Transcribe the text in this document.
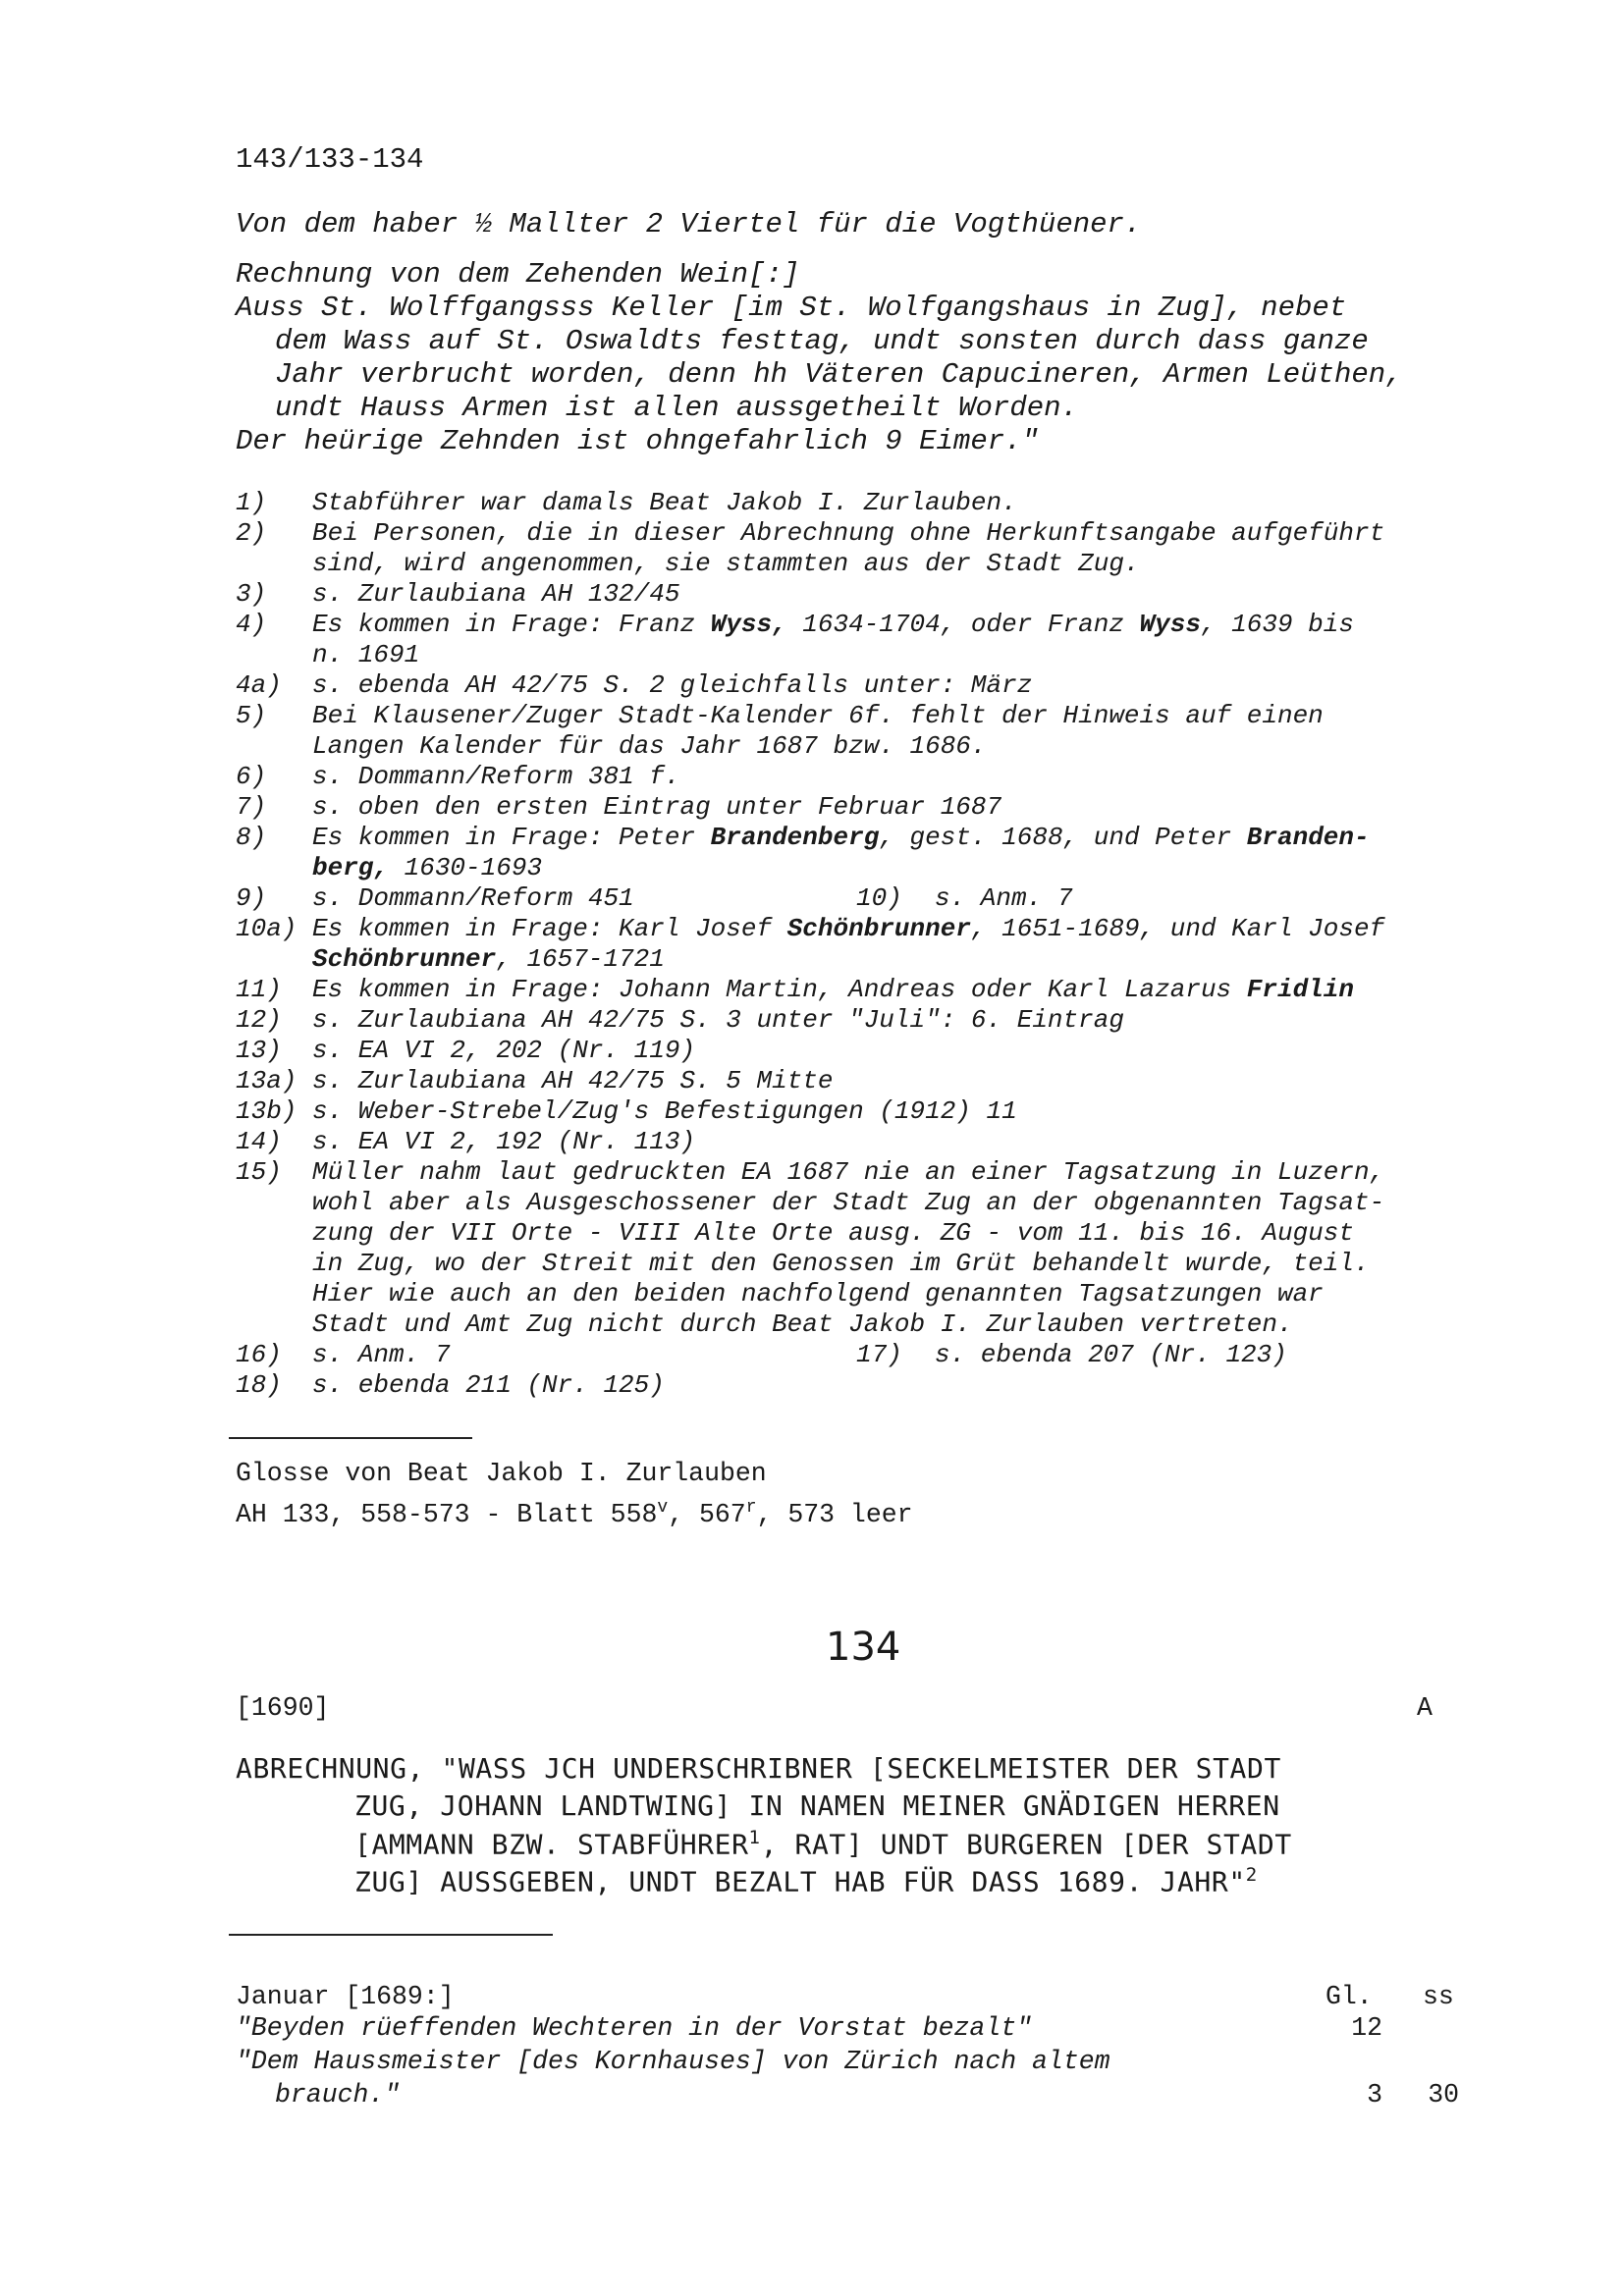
143/133-134
Von dem haber ½ Mallter 2 Viertel für die Vogthüener.
Rechnung von dem Zehenden Wein[:]
Auss St. Wolffgangsss Keller [im St. Wolfgangshaus in Zug], nebet
dem Wass auf St. Oswaldts festtag, undt sonsten durch dass ganze
Jahr verbrucht worden, denn hh Väteren Capucineren, Armen Leüthen,
undt Hauss Armen ist allen aussgetheilt Worden.
Der heürige Zehnden ist ohngefahrlich 9 Eimer."
1) Stabführer war damals Beat Jakob I. Zurlauben.
2) Bei Personen, die in dieser Abrechnung ohne Herkunftsangabe aufgeführt
sind, wird angenommen, sie stammten aus der Stadt Zug.
3) s. Zurlaubiana AH 132/45
4) Es kommen in Frage: Franz Wyss, 1634-1704, oder Franz Wyss, 1639 bis
n. 1691
4a) s. ebenda AH 42/75 S. 2 gleichfalls unter: März
5) Bei Klausener/Zuger Stadt-Kalender 6f. fehlt der Hinweis auf einen
Langen Kalender für das Jahr 1687 bzw. 1686.
6) s. Dommann/Reform 381 f.
7) s. oben den ersten Eintrag unter Februar 1687
8) Es kommen in Frage: Peter Brandenberg, gest. 1688, und Peter Branden-
berg, 1630-1693
9) s. Dommann/Reform 451	10) s. Anm. 7
10a) Es kommen in Frage: Karl Josef Schönbrunner, 1651-1689, und Karl Josef
Schönbrunner, 1657-1721
11) Es kommen in Frage: Johann Martin, Andreas oder Karl Lazarus Fridlin
12) s. Zurlaubiana AH 42/75 S. 3 unter "Juli": 6. Eintrag
13) s. EA VI 2, 202 (Nr. 119)
13a) s. Zurlaubiana AH 42/75 S. 5 Mitte
13b) s. Weber-Strebel/Zug's Befestigungen (1912) 11
14) s. EA VI 2, 192 (Nr. 113)
15) Müller nahm laut gedruckten EA 1687 nie an einer Tagsatzung in Luzern,
wohl aber als Ausgeschossener der Stadt Zug an der obgenannten Tagsat-
zung der VII Orte - VIII Alte Orte ausg. ZG - vom 11. bis 16. August
in Zug, wo der Streit mit den Genossen im Grüt behandelt wurde, teil.
Hier wie auch an den beiden nachfolgend genannten Tagsatzungen war
Stadt und Amt Zug nicht durch Beat Jakob I. Zurlauben vertreten.
16) s. Anm. 7	17) s. ebenda 207 (Nr. 123)
18) s. ebenda 211 (Nr. 125)
Glosse von Beat Jakob I. Zurlauben
AH 133, 558-573 - Blatt 558$^v$, 567$^r$, 573 leer
134
[1690]	A
ABRECHNUNG, "WASS JCH UNDERSCHRIBNER [SECKELMEISTER DER STADT
ZUG, JOHANN LANDTWING] IN NAMEN MEINER GNÄDIGEN HERREN
[AMMANN BZW. STABFÜHRER$^1$, RAT] UNDT BURGEREN [DER STADT
ZUG] AUSSGEBEN, UNDT BEZALT HAB FÜR DASS 1689. JAHR"$^2$
Januar [1689:]	Gl. ss
"Beyden rüeffenden Wechteren in der Vorstat bezalt"	12
"Dem Haussmeister [des Kornhauses] von Zürich nach altem
brauch."	3	30
